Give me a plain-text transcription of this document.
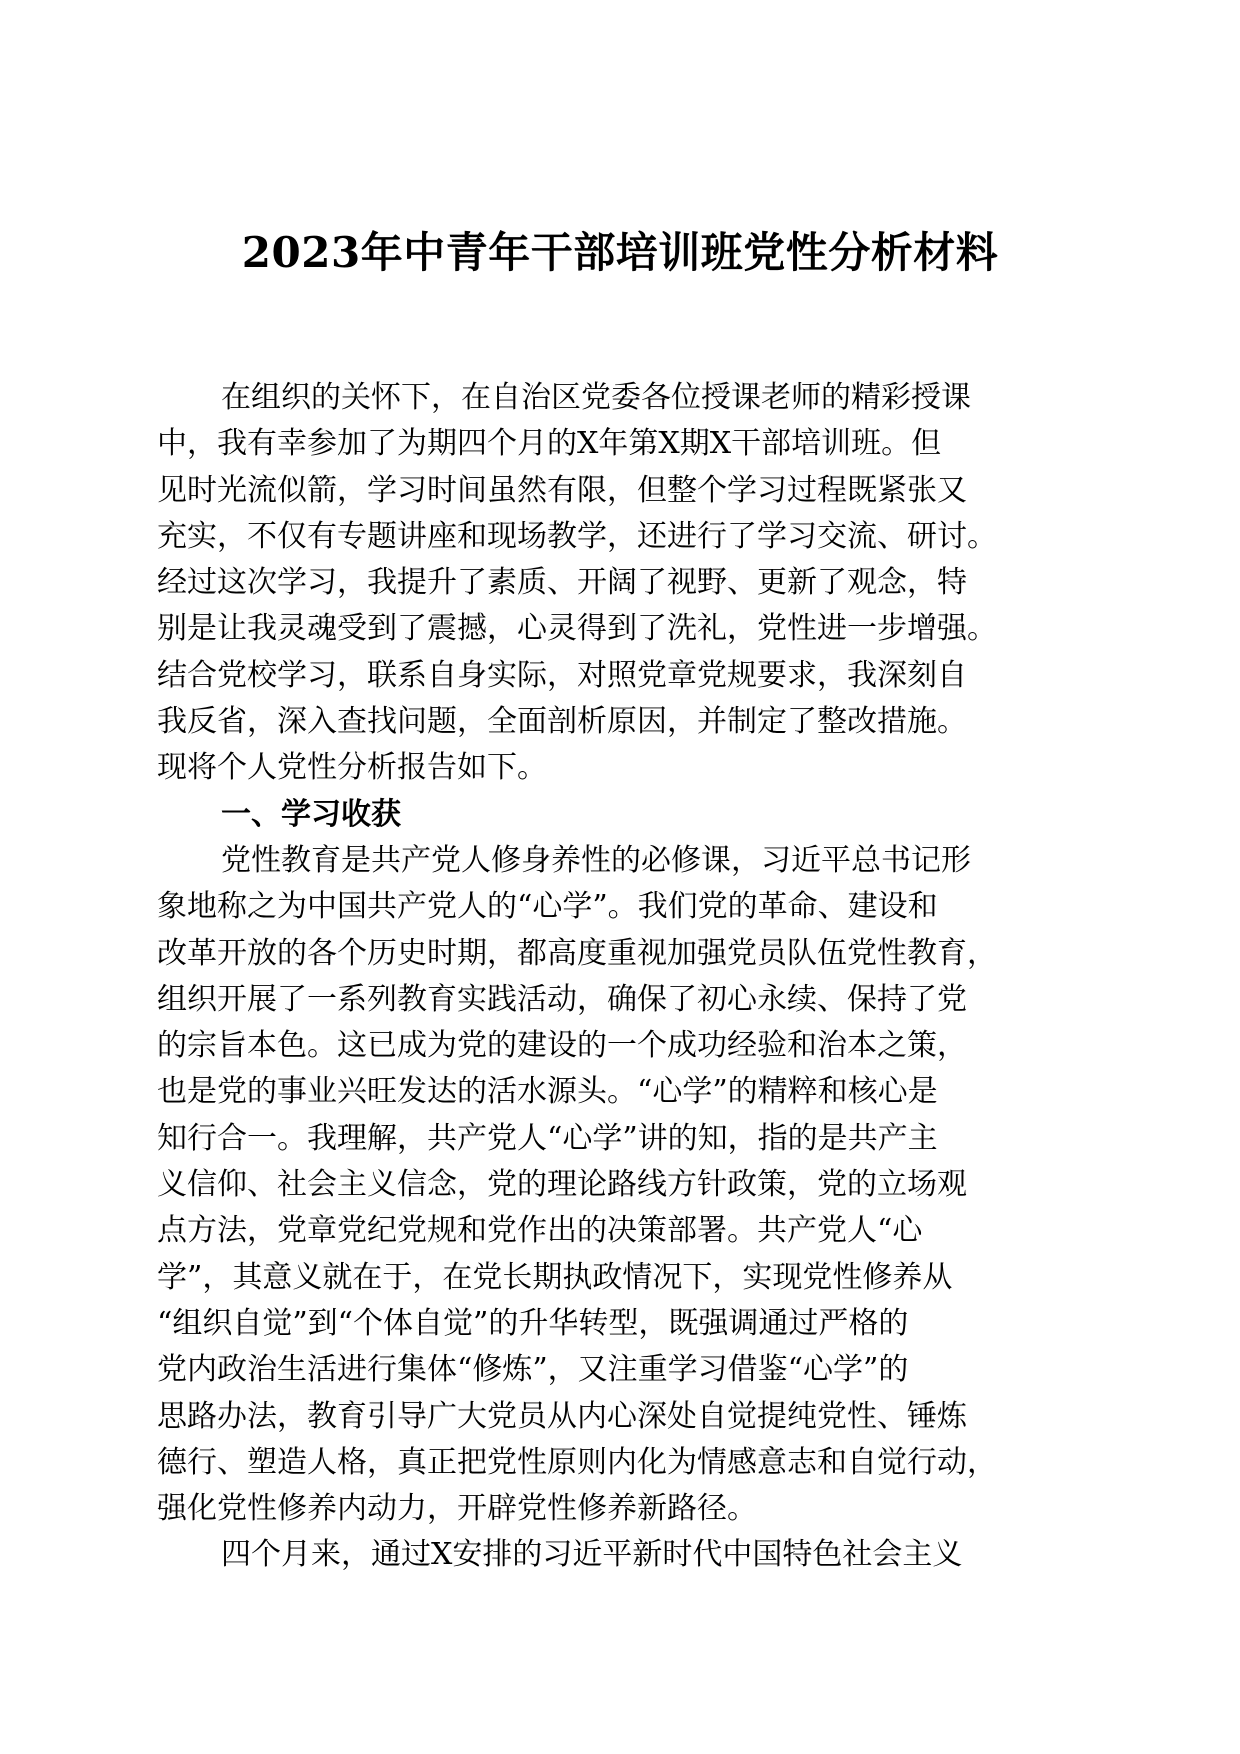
2023年中青年干部培训班党性分析材料
在组织的关怀下，在自治区党委各位授课老师的精彩授课
中，我有幸参加了为期四个月的X年第X期X干部培训班。但
见时光流似箭，学习时间虽然有限，但整个学习过程既紧张又
充实，不仅有专题讲座和现场教学，还进行了学习交流、研讨。
经过这次学习，我提升了素质、开阔了视野、更新了观念，特
别是让我灵魂受到了震撼，心灵得到了洗礼，党性进一步增强。
结合党校学习，联系自身实际，对照党章党规要求，我深刻自
我反省，深入查找问题，全面剖析原因，并制定了整改措施。
现将个人党性分析报告如下。
一、学习收获
党性教育是共产党人修身养性的必修课，习近平总书记形
象地称之为中国共产党人的“心学”。我们党的革命、建设和
改革开放的各个历史时期，都高度重视加强党员队伍党性教育，
组织开展了一系列教育实践活动，确保了初心永续、保持了党
的宗旨本色。这已成为党的建设的一个成功经验和治本之策，
也是党的事业兴旺发达的活水源头。“心学”的精粹和核心是
知行合一。我理解，共产党人“心学”讲的知，指的是共产主
义信仰、社会主义信念，党的理论路线方针政策，党的立场观
点方法，党章党纪党规和党作出的决策部署。共产党人“心
学”，其意义就在于，在党长期执政情况下，实现党性修养从
“组织自觉”到“个体自觉”的升华转型，既强调通过严格的
党内政治生活进行集体“修炼”，又注重学习借鉴“心学”的
思路办法，教育引导广大党员从内心深处自觉提纯党性、锤炼
德行、塑造人格，真正把党性原则内化为情感意志和自觉行动，
强化党性修养内动力，开辟党性修养新路径。
四个月来，通过X安排的习近平新时代中国特色社会主义
